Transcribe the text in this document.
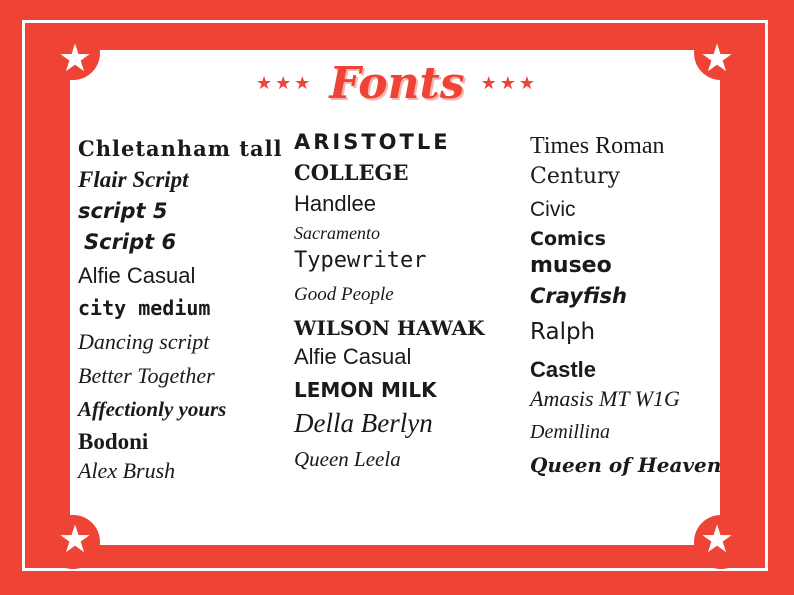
★	★
★	★
★★★ Fonts ★★★
Chletanham tall
Flair Script
script 5
Script 6
Alfie Casual
city medium
Dancing script
Better Together
Affectionly yours
Bodoni
Alex Brush
ARISTOTLE
COLLEGE
Handlee
Sacramento
Typewriter
Good People
WILSON HAWAK
Alfie Casual
LEMON MILK
Della Berlyn
Queen Leela
Times Roman
Century
Civic
Comics
museo
Crayfish
Ralph
Castle
Amasis MT W1G
Demillina
Queen of Heaven
